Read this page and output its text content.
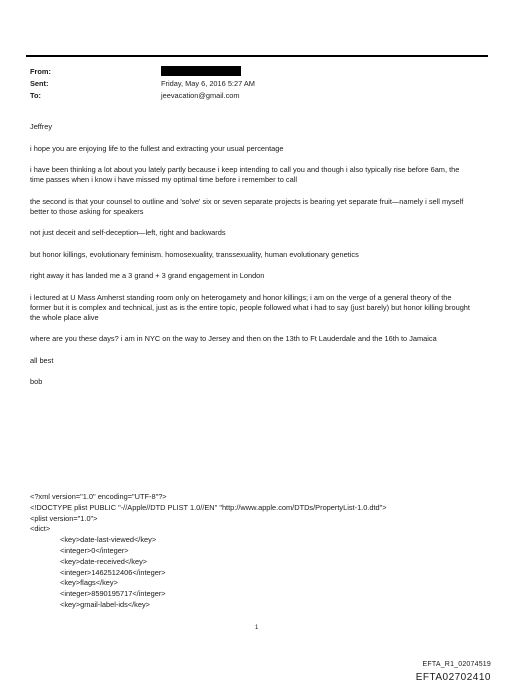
From:
Sent:
To:
Friday, May 6, 2016 5:27 AM
jeevacation@gmail.com

Jeffrey

i hope you are enjoying life to the fullest and extracting your usual percentage

i have been thinking a lot about you lately partly because i keep intending to call you and though i also typically rise before 6am, the time passes when i know i have missed my optimal time before i remember to call

the second is that your counsel to outline and 'solve' six or seven separate projects is bearing yet separate fruit—namely i sell myself better to those asking for speakers

not just deceit and self-deception—left, right and backwards

but honor killings, evolutionary feminism. homosexuality, transsexuality, human evolutionary genetics

right away it has landed me a 3 grand + 3 grand engagement in London

i lectured at U Mass Amherst standing room only on heterogamety and honor killings; i am on the verge of a general theory of the former but it is complex and technical, just as is the entire topic, people followed what i had to say (just barely) but honor killing brought the whole place alive

where are you these days? i am in NYC on the way to Jersey and then on the 13th to Ft Lauderdale and the 16th to Jamaica

all best

bob

<?xml version="1.0" encoding="UTF-8"?>
<!DOCTYPE plist PUBLIC "-//Apple//DTD PLIST 1.0//EN" "http://www.apple.com/DTDs/PropertyList-1.0.dtd">
<plist version="1.0">
<dict>
<key>date-last-viewed</key>
<integer>0</integer>
<key>date-received</key>
<integer>1462512406</integer>
<key>flags</key>
<integer>8590195717</integer>
<key>gmail-label-ids</key>
1
EFTA_R1_02074519
EFTA02702410
